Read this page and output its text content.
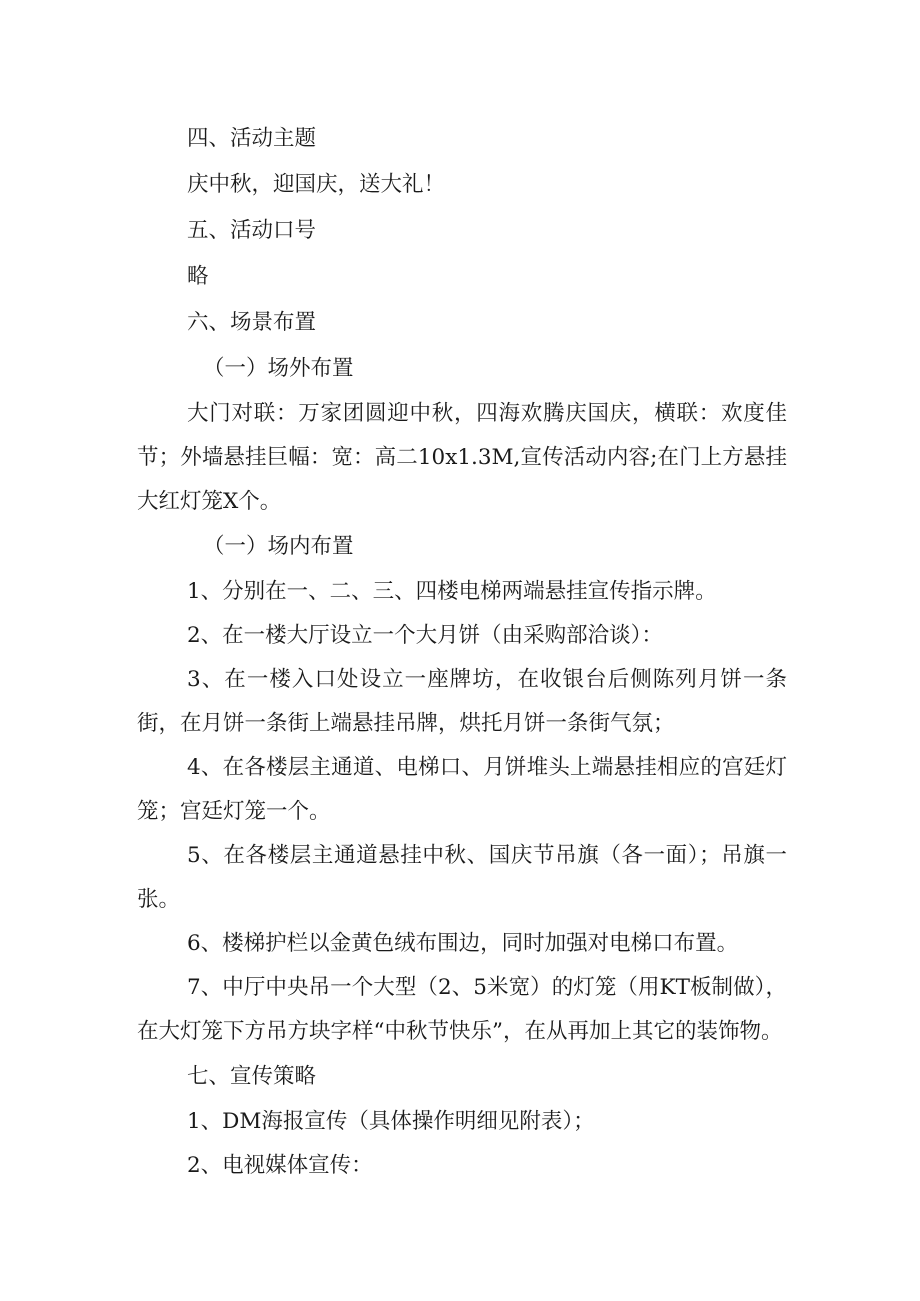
四、活动主题

庆中秋，迎国庆，送大礼！

五、活动口号

略

六、场景布置

（一）场外布置

大门对联：万家团圆迎中秋，四海欢腾庆国庆，横联：欢度佳节；外墙悬挂巨幅：宽：高二10x1.3M,宣传活动内容;在门上方悬挂大红灯笼X个。

（一）场内布置

1、分别在一、二、三、四楼电梯两端悬挂宣传指示牌。

2、在一楼大厅设立一个大月饼（由采购部洽谈）：

3、在一楼入口处设立一座牌坊，在收银台后侧陈列月饼一条街，在月饼一条街上端悬挂吊牌，烘托月饼一条街气氛；

4、在各楼层主通道、电梯口、月饼堆头上端悬挂相应的宫廷灯笼；宫廷灯笼一个。

5、在各楼层主通道悬挂中秋、国庆节吊旗（各一面）；吊旗一张。

6、楼梯护栏以金黄色绒布围边，同时加强对电梯口布置。

7、中厅中央吊一个大型（2、5米宽）的灯笼（用KT板制做），在大灯笼下方吊方块字样“中秋节快乐”，在从再加上其它的装饰物。

七、宣传策略

1、DM海报宣传（具体操作明细见附表）；

2、电视媒体宣传：
